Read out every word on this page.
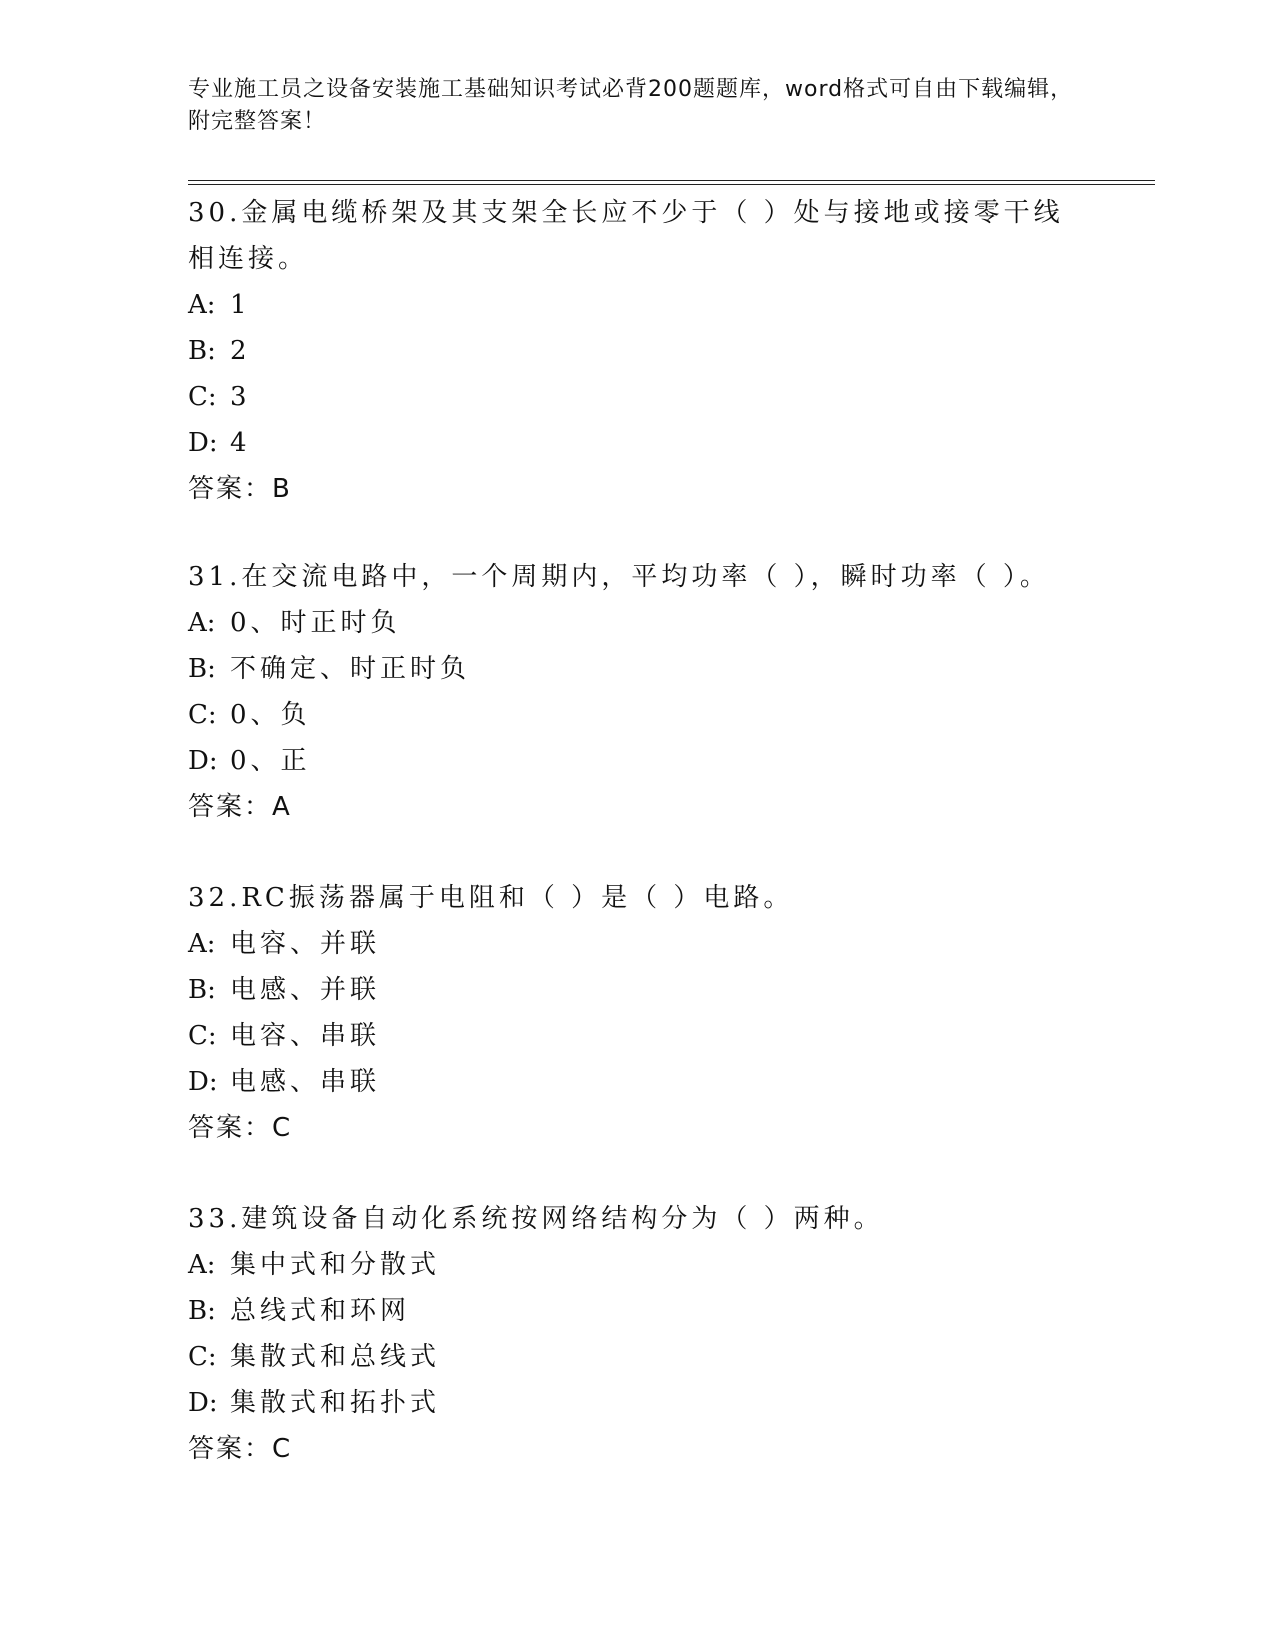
专业施工员之设备安装施工基础知识考试必背200题题库，word格式可自由下载编辑，附完整答案！
30.金属电缆桥架及其支架全长应不少于（ ）处与接地或接零干线相连接。
A: 1
B: 2
C: 3
D: 4
答案：B
31.在交流电路中，一个周期内，平均功率（ ），瞬时功率（ ）。
A: 0、时正时负
B: 不确定、时正时负
C: 0、负
D: 0、正
答案：A
32.RC振荡器属于电阻和（ ）是（ ）电路。
A: 电容、并联
B: 电感、并联
C: 电容、串联
D: 电感、串联
答案：C
33.建筑设备自动化系统按网络结构分为（ ）两种。
A: 集中式和分散式
B: 总线式和环网
C: 集散式和总线式
D: 集散式和拓扑式
答案：C
